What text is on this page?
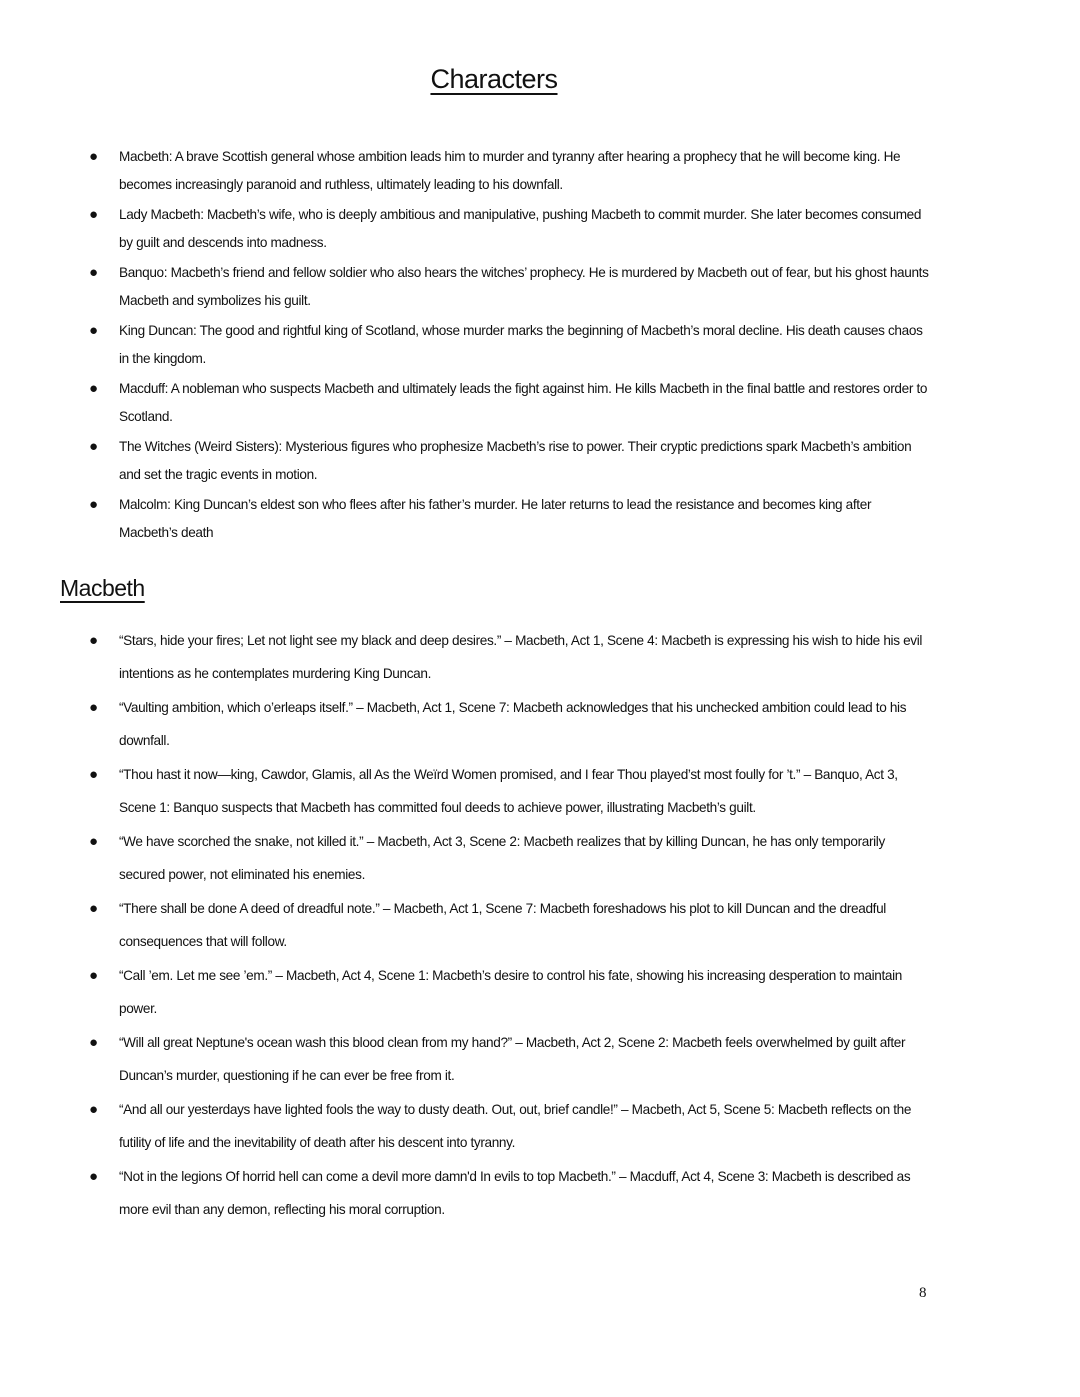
Characters
● Macbeth: A brave Scottish general whose ambition leads him to murder and tyranny after hearing a prophecy that he will become king. He becomes increasingly paranoid and ruthless, ultimately leading to his downfall.
● Lady Macbeth: Macbeth’s wife, who is deeply ambitious and manipulative, pushing Macbeth to commit murder. She later becomes consumed by guilt and descends into madness.
● Banquo: Macbeth’s friend and fellow soldier who also hears the witches’ prophecy. He is murdered by Macbeth out of fear, but his ghost haunts Macbeth and symbolizes his guilt.
● King Duncan: The good and rightful king of Scotland, whose murder marks the beginning of Macbeth’s moral decline. His death causes chaos in the kingdom.
● Macduff: A nobleman who suspects Macbeth and ultimately leads the fight against him. He kills Macbeth in the final battle and restores order to Scotland.
● The Witches (Weird Sisters): Mysterious figures who prophesize Macbeth’s rise to power. Their cryptic predictions spark Macbeth’s ambition and set the tragic events in motion.
● Malcolm: King Duncan’s eldest son who flees after his father’s murder. He later returns to lead the resistance and becomes king after Macbeth’s death
Macbeth
● “Stars, hide your fires; Let not light see my black and deep desires.” – Macbeth, Act 1, Scene 4: Macbeth is expressing his wish to hide his evil intentions as he contemplates murdering King Duncan.
● “Vaulting ambition, which o’erleaps itself.” – Macbeth, Act 1, Scene 7: Macbeth acknowledges that his unchecked ambition could lead to his downfall.
● “Thou hast it now—king, Cawdor, Glamis, all As the Weïrd Women promised, and I fear Thou played’st most foully for ’t.” – Banquo, Act 3, Scene 1: Banquo suspects that Macbeth has committed foul deeds to achieve power, illustrating Macbeth’s guilt.
● “We have scorched the snake, not killed it.” – Macbeth, Act 3, Scene 2: Macbeth realizes that by killing Duncan, he has only temporarily secured power, not eliminated his enemies.
● “There shall be done A deed of dreadful note.” – Macbeth, Act 1, Scene 7: Macbeth foreshadows his plot to kill Duncan and the dreadful consequences that will follow.
● “Call ’em. Let me see ’em.” – Macbeth, Act 4, Scene 1: Macbeth’s desire to control his fate, showing his increasing desperation to maintain power.
● “Will all great Neptune's ocean wash this blood clean from my hand?” – Macbeth, Act 2, Scene 2: Macbeth feels overwhelmed by guilt after Duncan’s murder, questioning if he can ever be free from it.
● “And all our yesterdays have lighted fools the way to dusty death. Out, out, brief candle!” – Macbeth, Act 5, Scene 5: Macbeth reflects on the futility of life and the inevitability of death after his descent into tyranny.
● “Not in the legions Of horrid hell can come a devil more damn'd In evils to top Macbeth.” – Macduff, Act 4, Scene 3: Macbeth is described as more evil than any demon, reflecting his moral corruption.
8
